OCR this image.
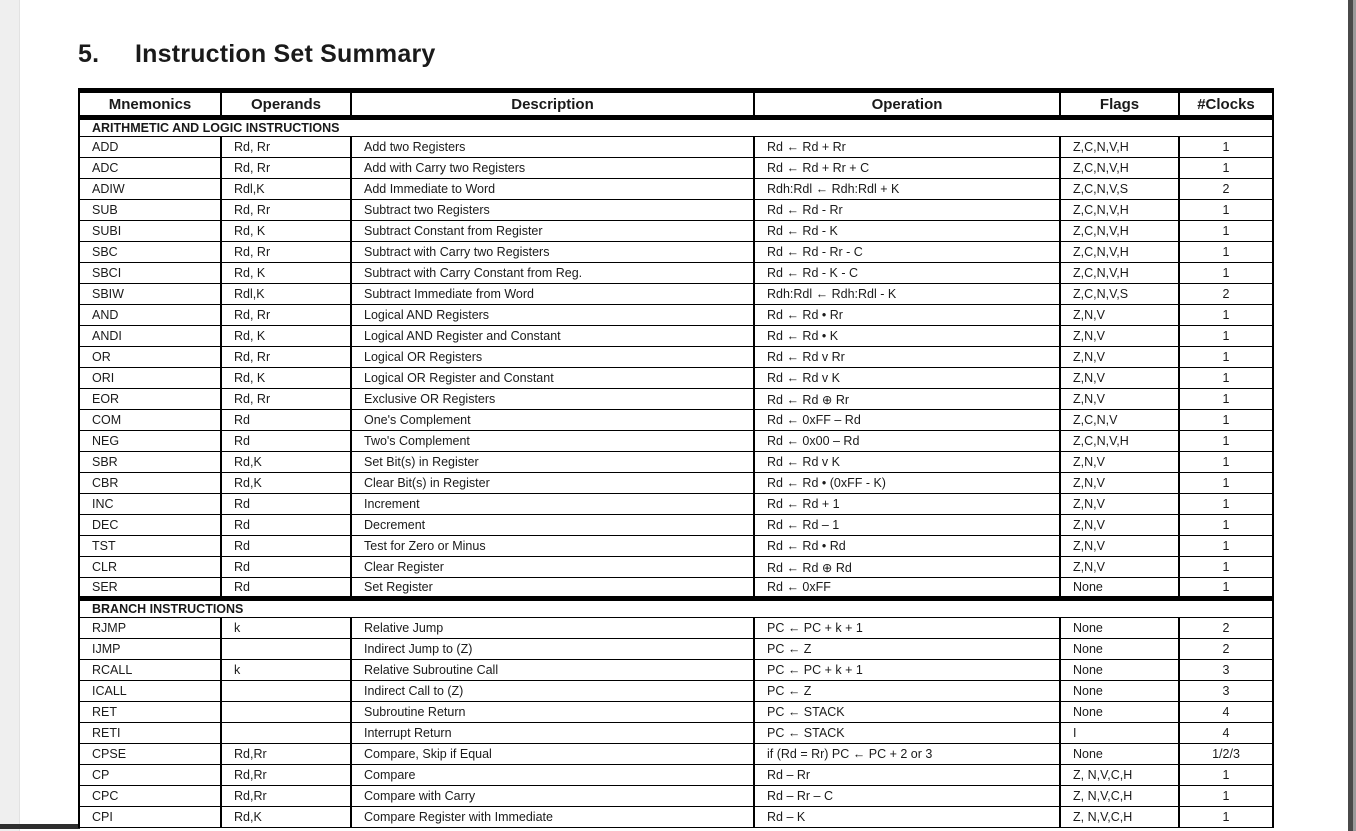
5.	Instruction Set Summary
Mnemonics	Operands	Description	Operation	Flags	#Clocks
ARITHMETIC AND LOGIC INSTRUCTIONS					
ADD	Rd, Rr	Add two Registers	Rd ← Rd + Rr	Z,C,N,V,H	1
ADC	Rd, Rr	Add with Carry two Registers	Rd ← Rd + Rr + C	Z,C,N,V,H	1
ADIW	Rdl,K	Add Immediate to Word	Rdh:Rdl ← Rdh:Rdl + K	Z,C,N,V,S	2
SUB	Rd, Rr	Subtract two Registers	Rd ← Rd - Rr	Z,C,N,V,H	1
SUBI	Rd, K	Subtract Constant from Register	Rd ← Rd - K	Z,C,N,V,H	1
SBC	Rd, Rr	Subtract with Carry two Registers	Rd ← Rd - Rr - C	Z,C,N,V,H	1
SBCI	Rd, K	Subtract with Carry Constant from Reg.	Rd ← Rd - K - C	Z,C,N,V,H	1
SBIW	Rdl,K	Subtract Immediate from Word	Rdh:Rdl ← Rdh:Rdl - K	Z,C,N,V,S	2
AND	Rd, Rr	Logical AND Registers	Rd ← Rd • Rr	Z,N,V	1
ANDI	Rd, K	Logical AND Register and Constant	Rd ← Rd • K	Z,N,V	1
OR	Rd, Rr	Logical OR Registers	Rd ← Rd v Rr	Z,N,V	1
ORI	Rd, K	Logical OR Register and Constant	Rd ← Rd v K	Z,N,V	1
EOR	Rd, Rr	Exclusive OR Registers	Rd ← Rd ⊕ Rr	Z,N,V	1
COM	Rd	One's Complement	Rd ← 0xFF – Rd	Z,C,N,V	1
NEG	Rd	Two's Complement	Rd ← 0x00 – Rd	Z,C,N,V,H	1
SBR	Rd,K	Set Bit(s) in Register	Rd ← Rd v K	Z,N,V	1
CBR	Rd,K	Clear Bit(s) in Register	Rd ← Rd • (0xFF - K)	Z,N,V	1
INC	Rd	Increment	Rd ← Rd + 1	Z,N,V	1
DEC	Rd	Decrement	Rd ← Rd – 1	Z,N,V	1
TST	Rd	Test for Zero or Minus	Rd ← Rd • Rd	Z,N,V	1
CLR	Rd	Clear Register	Rd ← Rd ⊕ Rd	Z,N,V	1
SER	Rd	Set Register	Rd ← 0xFF	None	1
BRANCH INSTRUCTIONS					
RJMP	k	Relative Jump	PC ← PC + k + 1	None	2
IJMP		Indirect Jump to (Z)	PC ← Z	None	2
RCALL	k	Relative Subroutine Call	PC ← PC + k + 1	None	3
ICALL		Indirect Call to (Z)	PC ← Z	None	3
RET		Subroutine Return	PC ← STACK	None	4
RETI		Interrupt Return	PC ← STACK	I	4
CPSE	Rd,Rr	Compare, Skip if Equal	if (Rd = Rr) PC ← PC + 2 or 3	None	1/2/3
CP	Rd,Rr	Compare	Rd – Rr	Z, N,V,C,H	1
CPC	Rd,Rr	Compare with Carry	Rd – Rr – C	Z, N,V,C,H	1
CPI	Rd,K	Compare Register with Immediate	Rd – K	Z, N,V,C,H	1
